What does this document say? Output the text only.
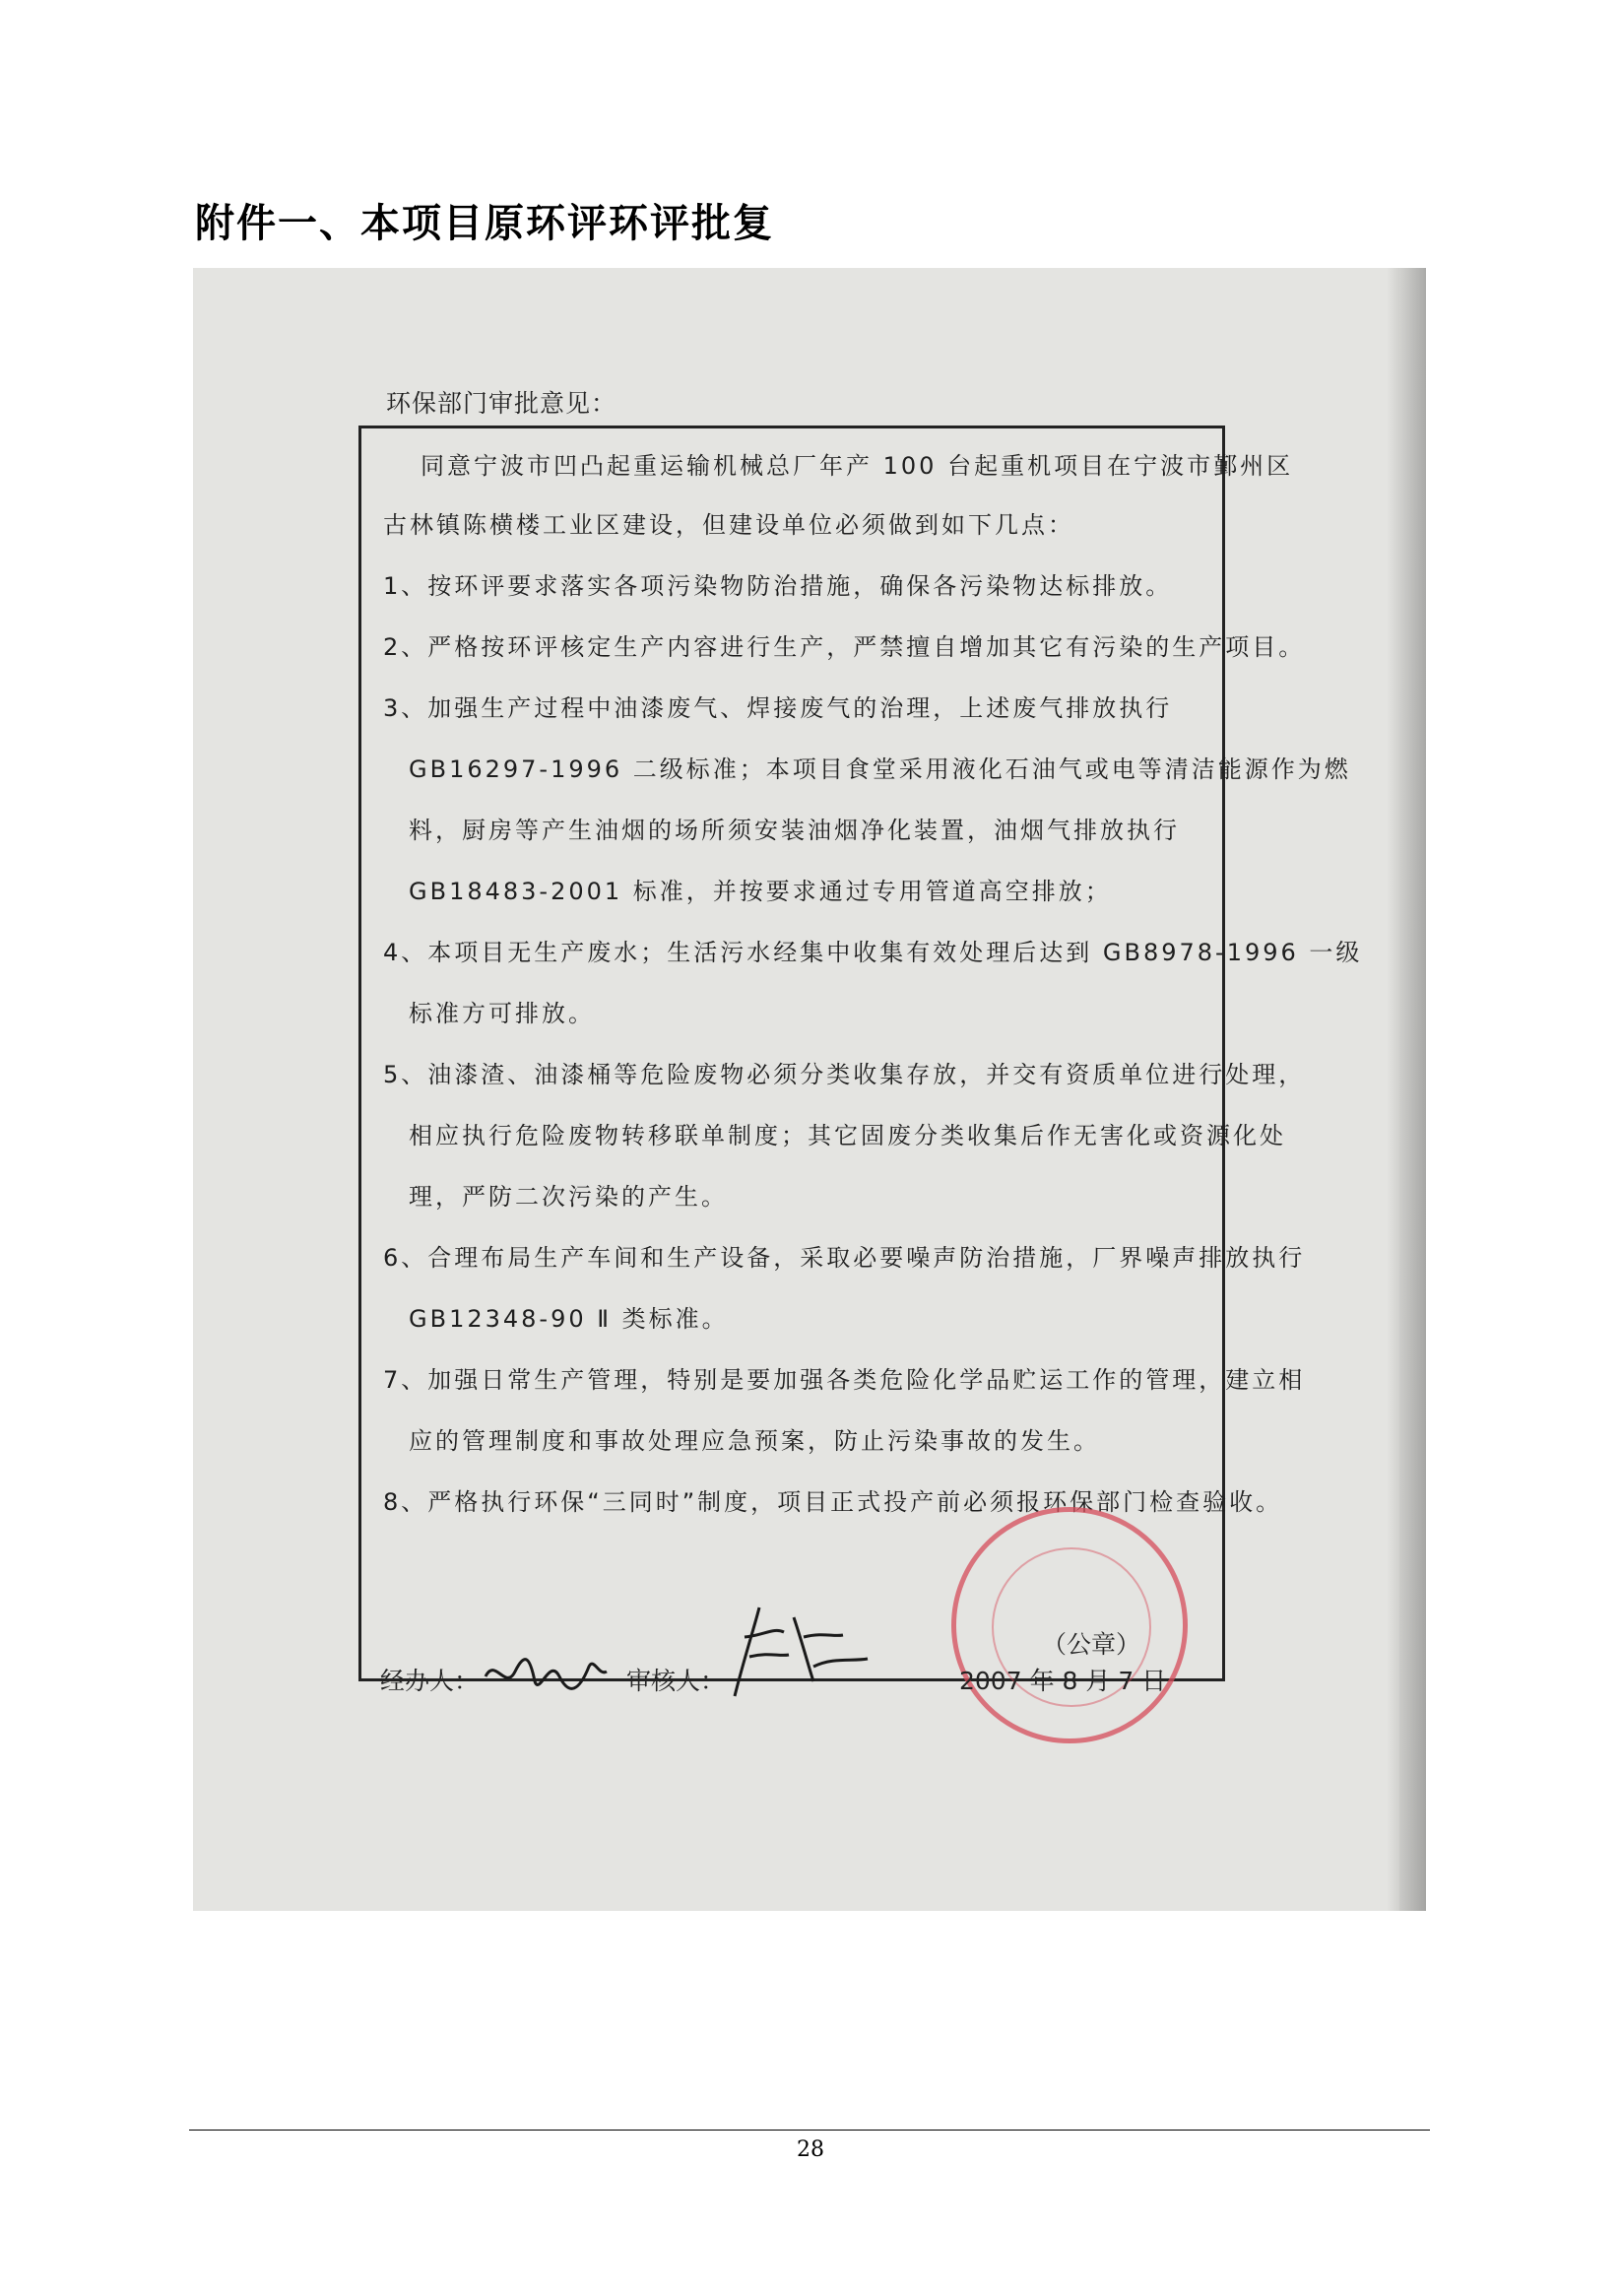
附件一、本项目原环评环评批复
环保部门审批意见：
同意宁波市凹凸起重运输机械总厂年产 100 台起重机项目在宁波市鄞州区
古林镇陈横楼工业区建设，但建设单位必须做到如下几点：
1、按环评要求落实各项污染物防治措施，确保各污染物达标排放。
2、严格按环评核定生产内容进行生产，严禁擅自增加其它有污染的生产项目。
3、加强生产过程中油漆废气、焊接废气的治理，上述废气排放执行
GB16297-1996 二级标准；本项目食堂采用液化石油气或电等清洁能源作为燃
料，厨房等产生油烟的场所须安装油烟净化装置，油烟气排放执行
GB18483-2001 标准，并按要求通过专用管道高空排放；
4、本项目无生产废水；生活污水经集中收集有效处理后达到 GB8978-1996 一级
标准方可排放。
5、油漆渣、油漆桶等危险废物必须分类收集存放，并交有资质单位进行处理，
相应执行危险废物转移联单制度；其它固废分类收集后作无害化或资源化处
理，严防二次污染的产生。
6、合理布局生产车间和生产设备，采取必要噪声防治措施，厂界噪声排放执行
GB12348-90 Ⅱ 类标准。
7、加强日常生产管理，特别是要加强各类危险化学品贮运工作的管理，建立相
应的管理制度和事故处理应急预案，防止污染事故的发生。
8、严格执行环保“三同时”制度，项目正式投产前必须报环保部门检查验收。
（公章）
经办人：	审核人：	2007 年 8 月 7 日
28
